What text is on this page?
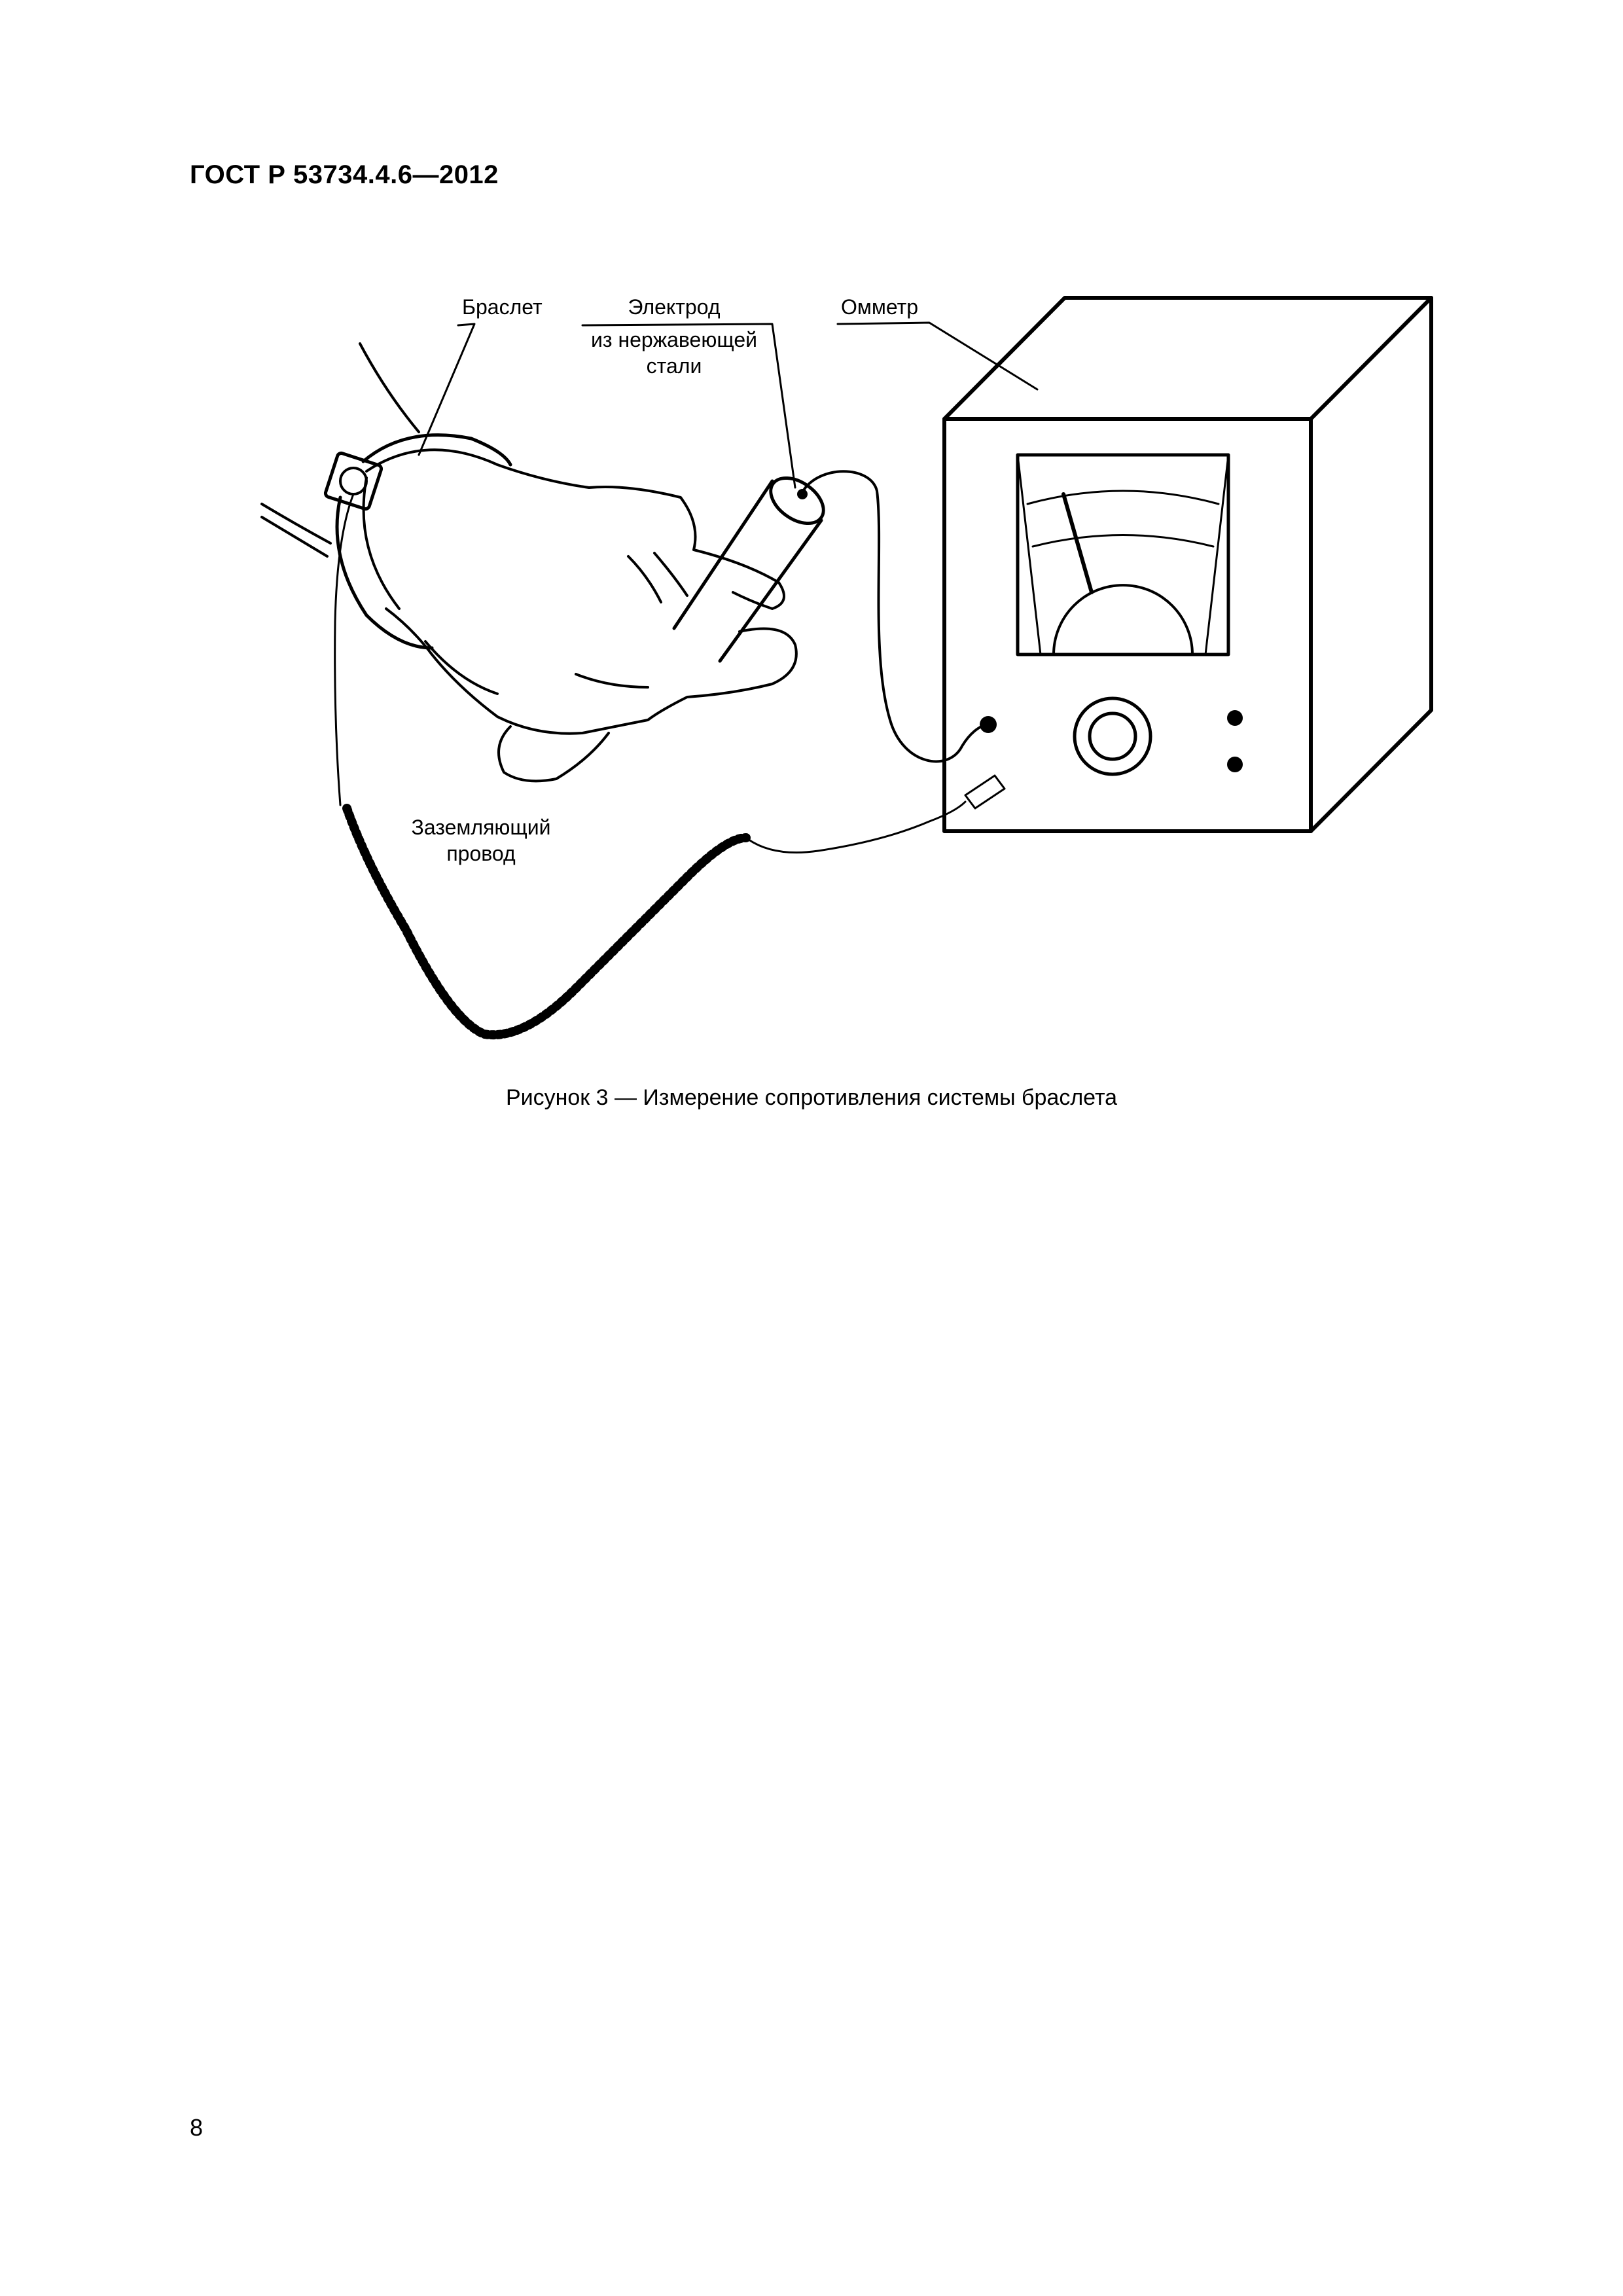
ГОСТ Р 53734.4.6—2012
Браслет	Электрод
из нержавеющей
стали
Омметр
Заземляющий
провод
Рисунок 3 — Измерение сопротивления системы браслета
8
